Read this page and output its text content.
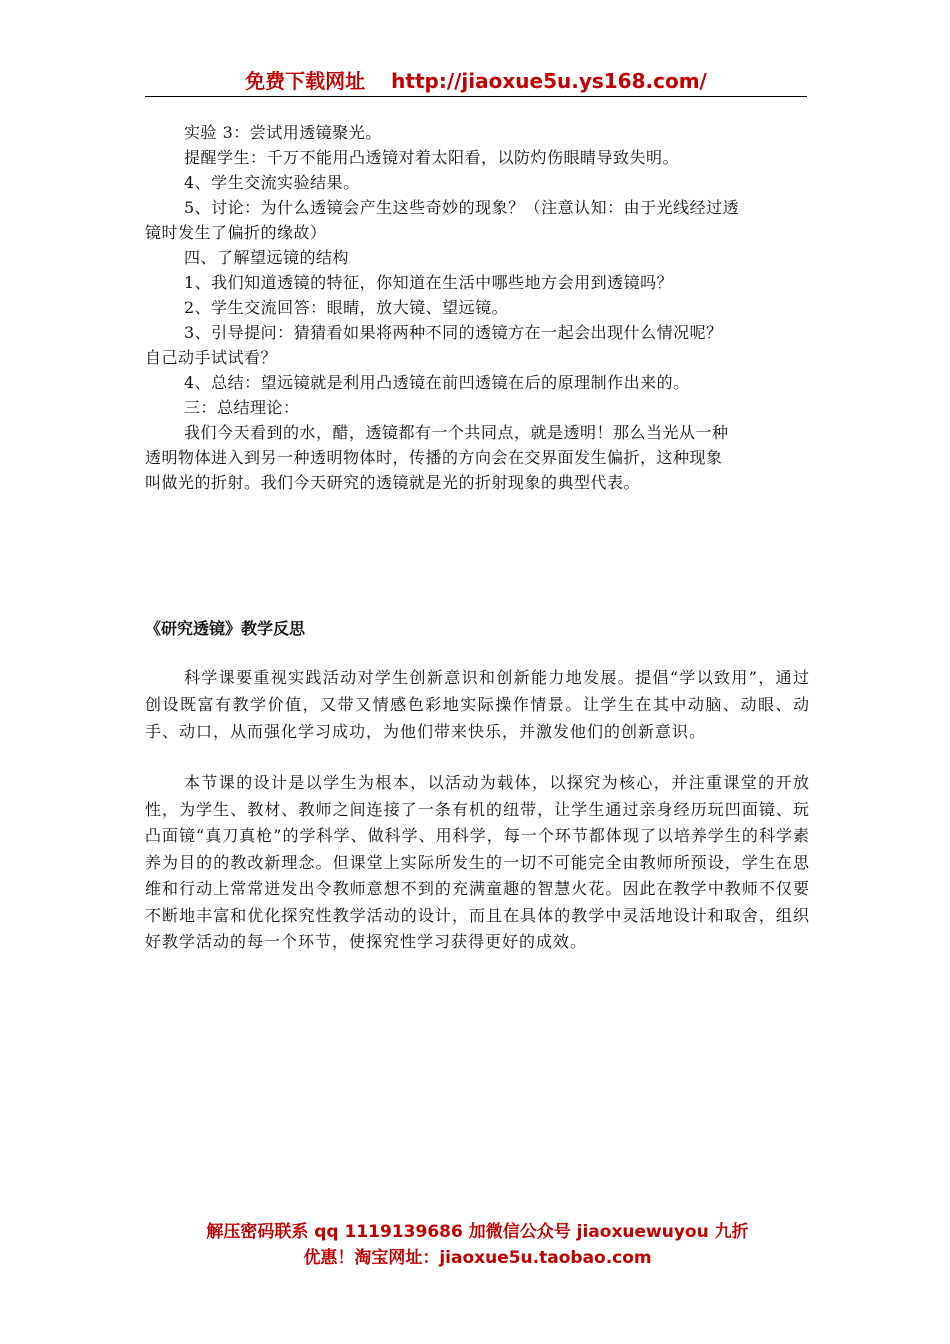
免费下载网址 http://jiaoxue5u.ys168.com/
实验 3：尝试用透镜聚光。
提醒学生：千万不能用凸透镜对着太阳看，以防灼伤眼睛导致失明。
4、学生交流实验结果。
5、讨论：为什么透镜会产生这些奇妙的现象？（注意认知：由于光线经过透
镜时发生了偏折的缘故）
四、了解望远镜的结构
1、我们知道透镜的特征，你知道在生活中哪些地方会用到透镜吗？
2、学生交流回答：眼睛，放大镜、望远镜。
3、引导提问：猜猜看如果将两种不同的透镜方在一起会出现什么情况呢？
自己动手试试看？
4、总结：望远镜就是利用凸透镜在前凹透镜在后的原理制作出来的。
三：总结理论：
我们今天看到的水，醋，透镜都有一个共同点，就是透明！那么当光从一种
透明物体进入到另一种透明物体时，传播的方向会在交界面发生偏折，这种现象
叫做光的折射。我们今天研究的透镜就是光的折射现象的典型代表。
《研究透镜》教学反思
科学课要重视实践活动对学生创新意识和创新能力地发展。提倡“学以致用”，通过创设既富有教学价值，又带又情感色彩地实际操作情景。让学生在其中动脑、动眼、动手、动口，从而强化学习成功，为他们带来快乐，并激发他们的创新意识。
本节课的设计是以学生为根本，以活动为载体，以探究为核心，并注重课堂的开放性，为学生、教材、教师之间连接了一条有机的纽带，让学生通过亲身经历玩凹面镜、玩凸面镜“真刀真枪”的学科学、做科学、用科学，每一个环节都体现了以培养学生的科学素养为目的的教改新理念。但课堂上实际所发生的一切不可能完全由教师所预设，学生在思维和行动上常常迸发出令教师意想不到的充满童趣的智慧火花。因此在教学中教师不仅要不断地丰富和优化探究性教学活动的设计，而且在具体的教学中灵活地设计和取舍，组织好教学活动的每一个环节，使探究性学习获得更好的成效。
解压密码联系 qq 1119139686 加微信公众号 jiaoxuewuyou 九折
优惠！淘宝网址：jiaoxue5u.taobao.com
